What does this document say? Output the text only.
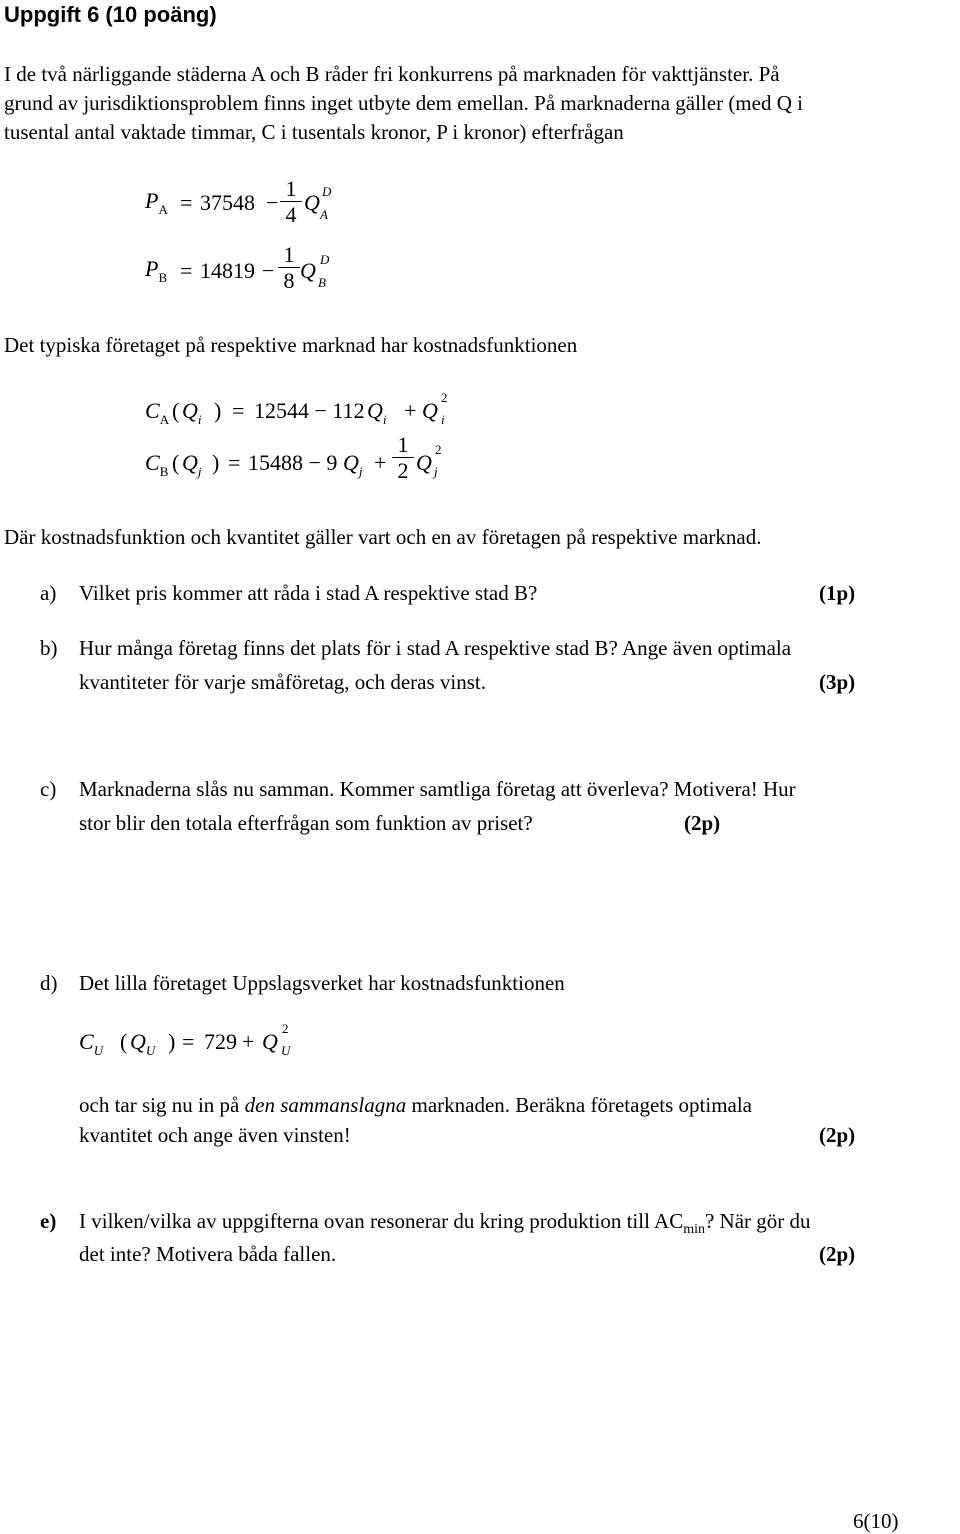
Uppgift 6 (10 poäng)
I de två närliggande städerna A och B råder fri konkurrens på marknaden för vakttjänster. På
grund av jurisdiktionsproblem finns inget utbyte dem emellan. På marknaderna gäller (med Q i
tusental antal vaktade timmar, C i tusentals kronor, P i kronor) efterfrågan
$P_A = 37548$ −
1
4 Q D
A
$P_B = 14819$ −
1
8 Q D
B
Det typiska företaget på respektive marknad har kostnadsfunktionen
$C_A$ ( $Q_i$ ) = 12544 − 112 $Q_i + Q$
2
i
$C_B$ ( $Q_j$ ) = 15488 − 9 $Q_j$ +
1
2 Q
2
j
Där kostnadsfunktion och kvantitet gäller vart och en av företagen på respektive marknad.
a) Vilket pris kommer att råda i stad A respektive stad B?	(1p)
b) Hur många företag finns det plats för i stad A respektive stad B? Ange även optimala
kvantiteter för varje småföretag, och deras vinst.	(3p)
c) Marknaderna slås nu samman. Kommer samtliga företag att överleva? Motivera! Hur
stor blir den totala efterfrågan som funktion av priset?	(2p)
d) Det lilla företaget Uppslagsverket har kostnadsfunktionen
$C_U$ ( $Q_U$ ) = 729 + Q
2
U
och tar sig nu in på den sammanslagna marknaden. Beräkna företagets optimala
kvantitet och ange även vinsten!	(2p)
e) I vilken/vilka av uppgifterna ovan resonerar du kring produktion till $AC_{min}$? När gör du
det inte? Motivera båda fallen.	(2p)
6(10)
